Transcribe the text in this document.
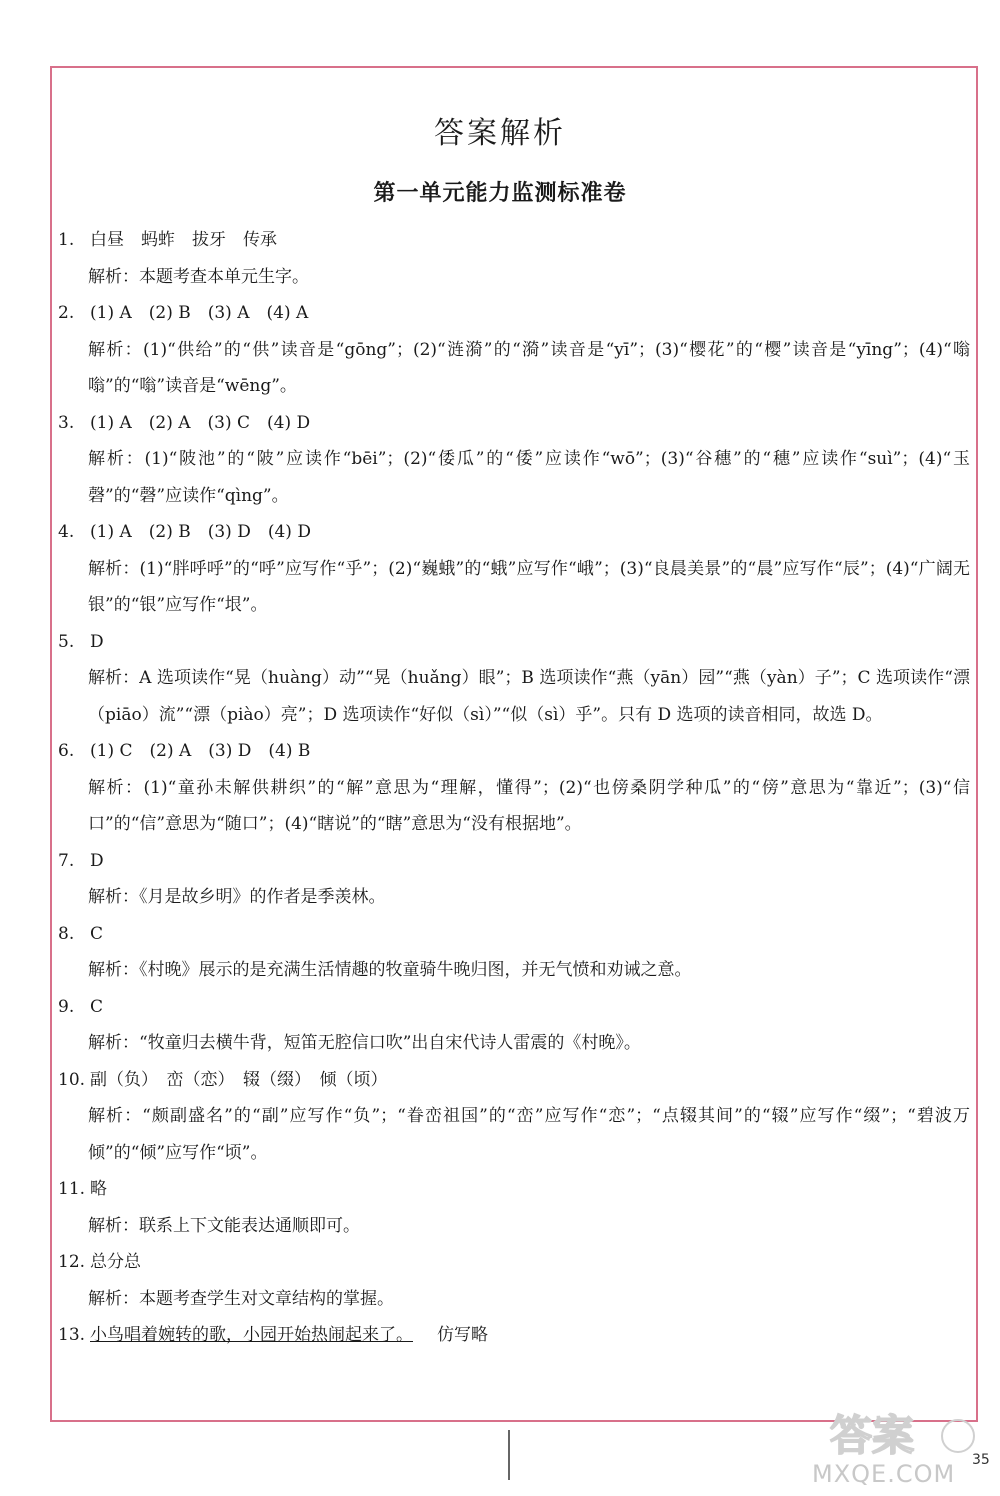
答案解析
第一单元能力监测标准卷
1. 白昼　蚂蚱　拔牙　传承
解析：本题考查本单元生字。
2. (1) A　(2) B　(3) A　(4) A
解析：(1)“供给”的“供”读音是“gōng”；(2)“涟漪”的“漪”读音是“yī”；(3)“樱花”的“樱”读音是“yīng”；(4)“嗡嗡”的“嗡”读音是“wēng”。
3. (1) A　(2) A　(3) C　(4) D
解析：(1)“陂池”的“陂”应读作“bēi”；(2)“倭瓜”的“倭”应读作“wō”；(3)“谷穗”的“穗”应读作“suì”；(4)“玉磬”的“磬”应读作“qìng”。
4. (1) A　(2) B　(3) D　(4) D
解析：(1)“胖呼呼”的“呼”应写作“乎”；(2)“巍蛾”的“蛾”应写作“峨”；(3)“良晨美景”的“晨”应写作“辰”；(4)“广阔无银”的“银”应写作“垠”。
5. D
解析：A 选项读作“晃（huàng）动”“晃（huǎng）眼”；B 选项读作“燕（yān）园”“燕（yàn）子”；C 选项读作“漂（piāo）流”“漂（piào）亮”；D 选项读作“好似（sì）”“似（sì）乎”。只有 D 选项的读音相同，故选 D。
6. (1) C　(2) A　(3) D　(4) B
解析：(1)“童孙未解供耕织”的“解”意思为“理解，懂得”；(2)“也傍桑阴学种瓜”的“傍”意思为“靠近”；(3)“信口”的“信”意思为“随口”；(4)“瞎说”的“瞎”意思为“没有根据地”。
7. D
解析：《月是故乡明》的作者是季羡林。
8. C
解析：《村晚》展示的是充满生活情趣的牧童骑牛晚归图，并无气愤和劝诫之意。
9. C
解析：“牧童归去横牛背，短笛无腔信口吹”出自宋代诗人雷震的《村晚》。
10. 副（负）　峦（恋）　辍（缀）　倾（顷）
解析：“颇副盛名”的“副”应写作“负”；“眷峦祖国”的“峦”应写作“恋”；“点辍其间”的“辍”应写作“缀”；“碧波万倾”的“倾”应写作“顷”。
11. 略
解析：联系上下文能表达通顺即可。
12. 总分总
解析：本题考查学生对文章结构的掌握。
13. 小鸟唱着婉转的歌，小园开始热闹起来了。 仿写略
答案
MXQE.COM 35
